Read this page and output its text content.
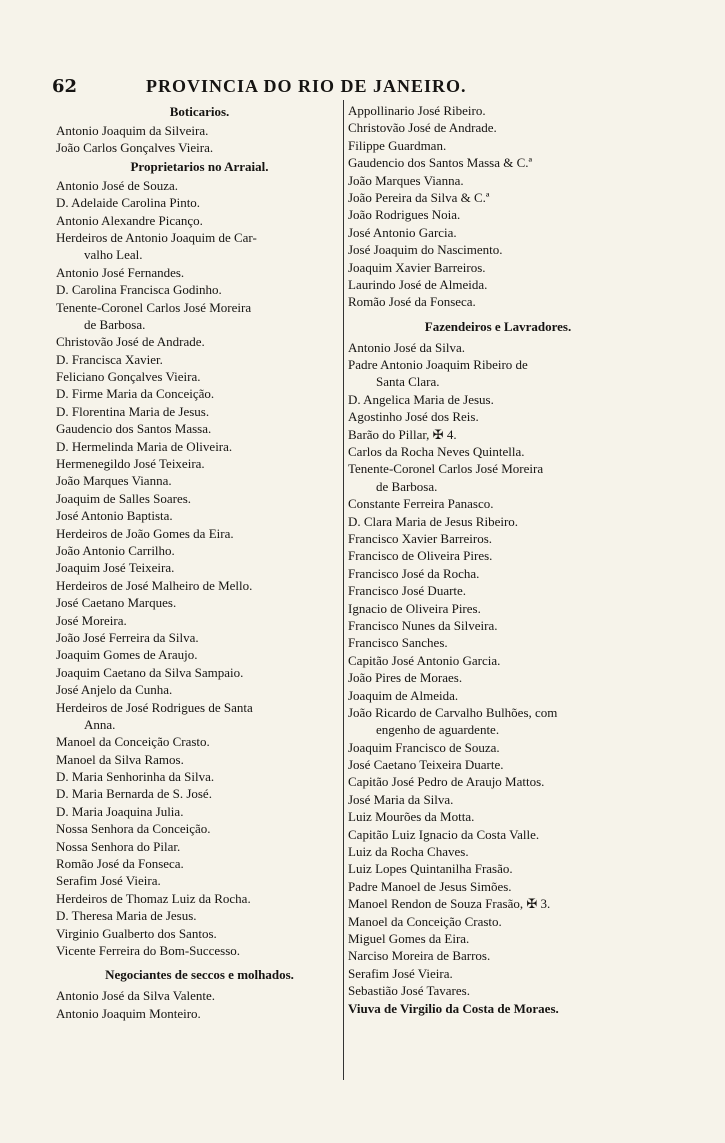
62	PROVINCIA DO RIO DE JANEIRO.
Boticarios.
Antonio Joaquim da Silveira.
João Carlos Gonçalves Vieira.
Proprietarios no Arraial.
Antonio José de Souza.
D. Adelaide Carolina Pinto.
Antonio Alexandre Picanço.
Herdeiros de Antonio Joaquim de Car-
valho Leal.
Antonio José Fernandes.
D. Carolina Francisca Godinho.
Tenente-Coronel Carlos José Moreira
de Barbosa.
Christovão José de Andrade.
D. Francisca Xavier.
Feliciano Gonçalves Vieira.
D. Firme Maria da Conceição.
D. Florentina Maria de Jesus.
Gaudencio dos Santos Massa.
D. Hermelinda Maria de Oliveira.
Hermenegildo José Teixeira.
João Marques Vianna.
Joaquim de Salles Soares.
José Antonio Baptista.
Herdeiros de João Gomes da Eira.
João Antonio Carrilho.
Joaquim José Teixeira.
Herdeiros de José Malheiro de Mello.
José Caetano Marques.
José Moreira.
João José Ferreira da Silva.
Joaquim Gomes de Araujo.
Joaquim Caetano da Silva Sampaio.
José Anjelo da Cunha.
Herdeiros de José Rodrigues de Santa
Anna.
Manoel da Conceição Crasto.
Manoel da Silva Ramos.
D. Maria Senhorinha da Silva.
D. Maria Bernarda de S. José.
D. Maria Joaquina Julia.
Nossa Senhora da Conceição.
Nossa Senhora do Pilar.
Romão José da Fonseca.
Serafim José Vieira.
Herdeiros de Thomaz Luiz da Rocha.
D. Theresa Maria de Jesus.
Virginio Gualberto dos Santos.
Vicente Ferreira do Bom-Successo.
Negociantes de seccos e molhados.
Antonio José da Silva Valente.
Antonio Joaquim Monteiro.
Appollinario José Ribeiro.
Christovão José de Andrade.
Filippe Guardman.
Gaudencio dos Santos Massa & C.ª
João Marques Vianna.
João Pereira da Silva & C.ª
João Rodrigues Noia.
José Antonio Garcia.
José Joaquim do Nascimento.
Joaquim Xavier Barreiros.
Laurindo José de Almeida.
Romão José da Fonseca.
Fazendeiros e Lavradores.
Antonio José da Silva.
Padre Antonio Joaquim Ribeiro de
Santa Clara.
D. Angelica Maria de Jesus.
Agostinho José dos Reis.
Barão do Pillar, ✠ 4.
Carlos da Rocha Neves Quintella.
Tenente-Coronel Carlos José Moreira
de Barbosa.
Constante Ferreira Panasco.
D. Clara Maria de Jesus Ribeiro.
Francisco Xavier Barreiros.
Francisco de Oliveira Pires.
Francisco José da Rocha.
Francisco José Duarte.
Ignacio de Oliveira Pires.
Francisco Nunes da Silveira.
Francisco Sanches.
Capitão José Antonio Garcia.
João Pires de Moraes.
Joaquim de Almeida.
João Ricardo de Carvalho Bulhões, com
engenho de aguardente.
Joaquim Francisco de Souza.
José Caetano Teixeira Duarte.
Capitão José Pedro de Araujo Mattos.
José Maria da Silva.
Luiz Mourões da Motta.
Capitão Luiz Ignacio da Costa Valle.
Luiz da Rocha Chaves.
Luiz Lopes Quintanilha Frasão.
Padre Manoel de Jesus Simões.
Manoel Rendon de Souza Frasão, ✠ 3.
Manoel da Conceição Crasto.
Miguel Gomes da Eira.
Narciso Moreira de Barros.
Serafim José Vieira.
Sebastião José Tavares.
Viuva de Virgilio da Costa de Moraes.
